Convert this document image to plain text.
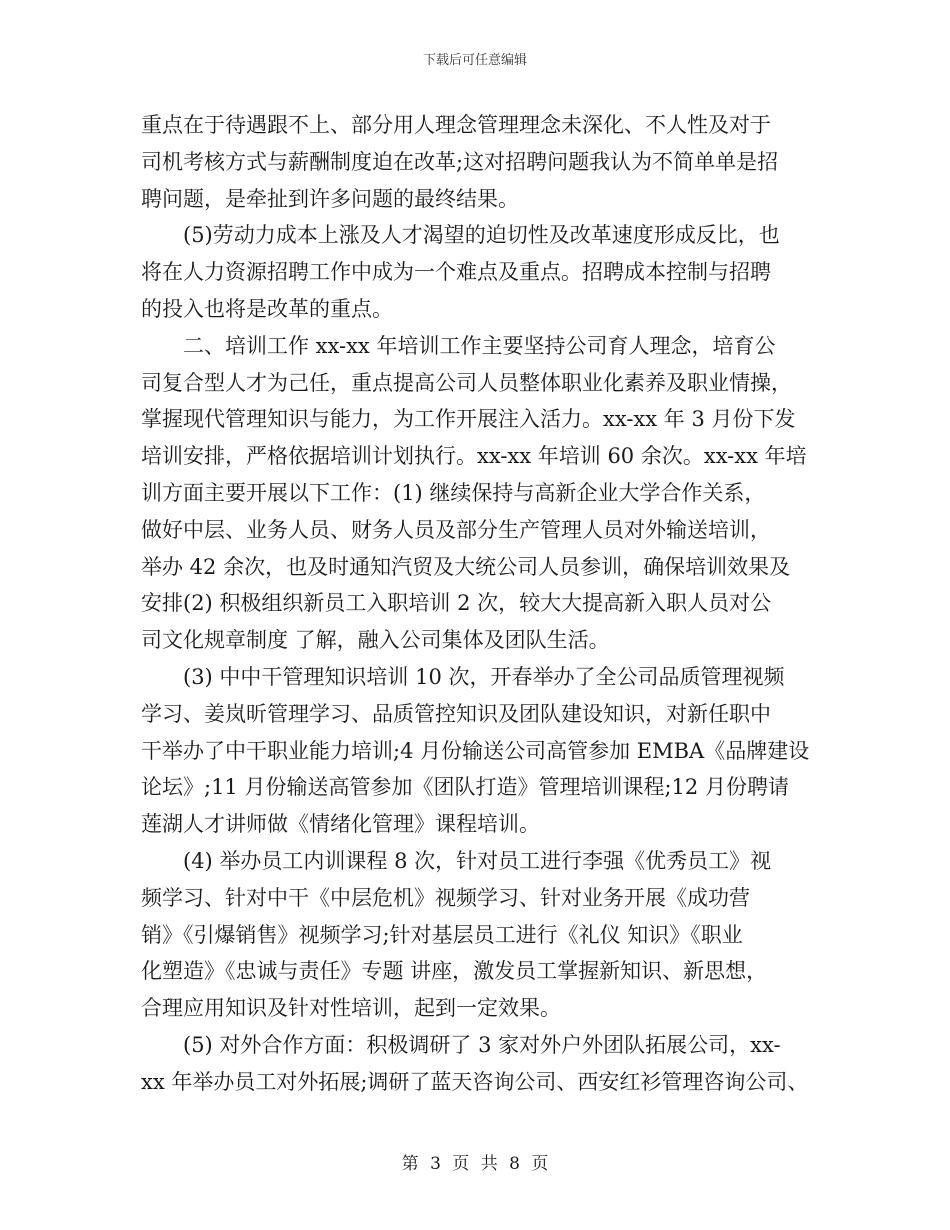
下载后可任意编辑
重点在于待遇跟不上、部分用人理念管理理念未深化、不人性及对于
司机考核方式与薪酬制度迫在改革;这对招聘问题我认为不简单单是招
聘问题，是牵扯到许多问题的最终结果。
　　(5)劳动力成本上涨及人才渴望的迫切性及改革速度形成反比，也
将在人力资源招聘工作中成为一个难点及重点。招聘成本控制与招聘
的投入也将是改革的重点。
　　二、培训工作 xx-xx 年培训工作主要坚持公司育人理念，培育公
司复合型人才为己任，重点提高公司人员整体职业化素养及职业情操，
掌握现代管理知识与能力，为工作开展注入活力。xx-xx 年 3 月份下发
培训安排，严格依据培训计划执行。xx-xx 年培训 60 余次。xx-xx 年培
训方面主要开展以下工作：(1) 继续保持与高新企业大学合作关系，
做好中层、业务人员、财务人员及部分生产管理人员对外输送培训，
举办 42 余次，也及时通知汽贸及大统公司人员参训，确保培训效果及
安排(2) 积极组织新员工入职培训 2 次，较大大提高新入职人员对公
司文化规章制度 了解，融入公司集体及团队生活。
　　(3) 中中干管理知识培训 10 次，开春举办了全公司品质管理视频
学习、姜岚昕管理学习、品质管控知识及团队建设知识，对新任职中
干举办了中干职业能力培训;4 月份输送公司高管参加 EMBA《品牌建设
论坛》;11 月份输送高管参加《团队打造》管理培训课程;12 月份聘请
莲湖人才讲师做《情绪化管理》课程培训。
　　(4) 举办员工内训课程 8 次，针对员工进行李强《优秀员工》视
频学习、针对中干《中层危机》视频学习、针对业务开展《成功营
销》《引爆销售》视频学习;针对基层员工进行《礼仪 知识》《职业
化塑造》《忠诚与责任》专题 讲座，激发员工掌握新知识、新思想，
合理应用知识及针对性培训，起到一定效果。
　　(5) 对外合作方面：积极调研了 3 家对外户外团队拓展公司，xx-
xx 年举办员工对外拓展;调研了蓝天咨询公司、西安红衫管理咨询公司、
第 3 页 共 8 页
